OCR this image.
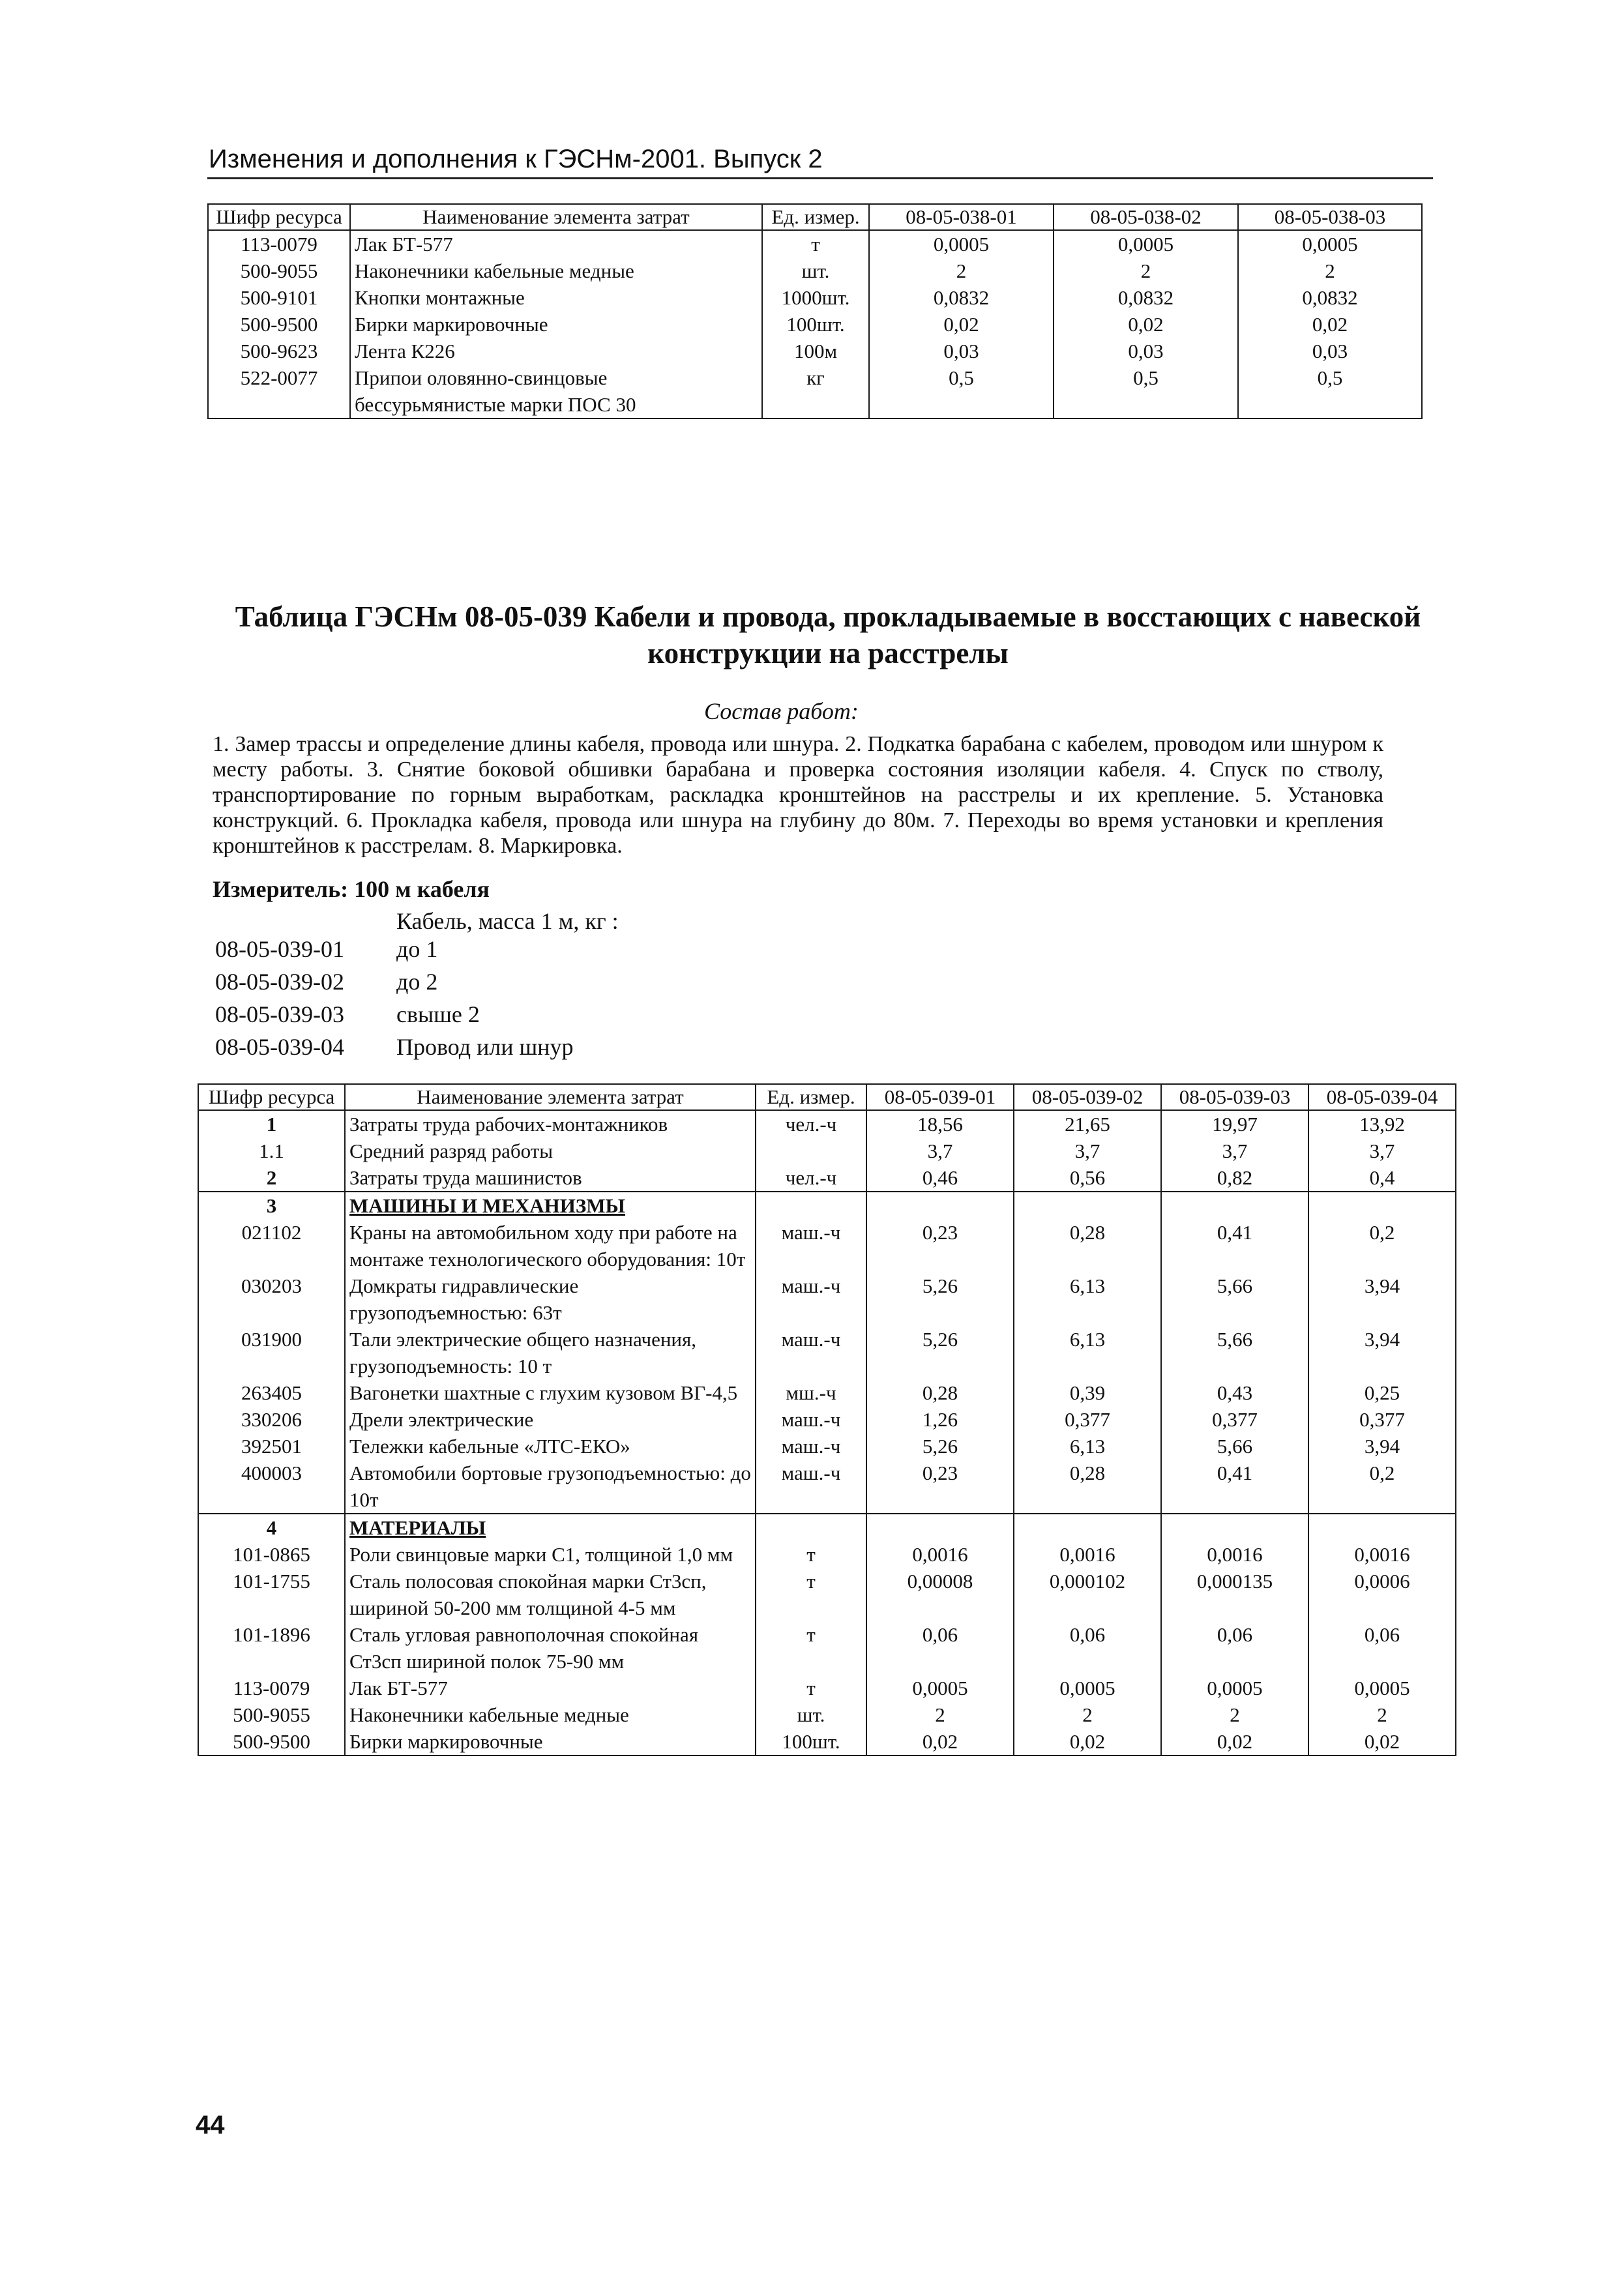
Изменения и дополнения к ГЭСНм-2001. Выпуск 2
Шифр ресурса	Наименование элемента затрат	Ед. измер.	08-05-038-01	08-05-038-02	08-05-038-03
113-0079	Лак БТ-577	т	0,0005	0,0005	0,0005
500-9055	Наконечники кабельные медные	шт.	2	2	2
500-9101	Кнопки монтажные	1000шт.	0,0832	0,0832	0,0832
500-9500	Бирки маркировочные	100шт.	0,02	0,02	0,02
500-9623	Лента К226	100м	0,03	0,03	0,03
522-0077	Припои оловянно-свинцовые бессурьмянистые марки ПОС 30	кг	0,5	0,5	0,5
Таблица ГЭСНм 08-05-039 Кабели и провода, прокладываемые в восстающих с навеской конструкции на расстрелы
Состав работ:
1. Замер трассы и определение длины кабеля, провода или шнура. 2. Подкатка барабана с кабелем, проводом или шнуром к месту работы. 3. Снятие боковой обшивки барабана и проверка состояния изоляции кабеля. 4. Спуск по стволу, транспортирование по горным выработкам, раскладка кронштейнов на расстрелы и их крепление. 5. Установка конструкций. 6. Прокладка кабеля, провода или шнура на глубину до 80м. 7. Переходы во время установки и крепления кронштейнов к расстрелам. 8. Маркировка.
Измеритель: 100 м кабеля
Кабель, масса 1 м, кг :
08-05-039-01 до 1
08-05-039-02 до 2
08-05-039-03 свыше 2
08-05-039-04 Провод или шнур
Шифр ресурса	Наименование элемента затрат	Ед. измер.	08-05-039-01	08-05-039-02	08-05-039-03	08-05-039-04
1	Затраты труда рабочих-монтажников	чел.-ч	18,56	21,65	19,97	13,92
1.1	Средний разряд работы		3,7	3,7	3,7	3,7
2	Затраты труда машинистов	чел.-ч	0,46	0,56	0,82	0,4
3	МАШИНЫ И МЕХАНИЗМЫ					
021102	Краны на автомобильном ходу при работе на монтаже технологического оборудования: 10т	маш.-ч	0,23	0,28	0,41	0,2
030203	Домкраты гидравлические грузоподъемностью: 63т	маш.-ч	5,26	6,13	5,66	3,94
031900	Тали электрические общего назначения, грузоподъемность: 10 т	маш.-ч	5,26	6,13	5,66	3,94
263405	Вагонетки шахтные с глухим кузовом ВГ-4,5	мш.-ч	0,28	0,39	0,43	0,25
330206	Дрели электрические	маш.-ч	1,26	0,377	0,377	0,377
392501	Тележки кабельные «ЛТС-ЕКО»	маш.-ч	5,26	6,13	5,66	3,94
400003	Автомобили бортовые грузоподъемностью: до 10т	маш.-ч	0,23	0,28	0,41	0,2
4	МАТЕРИАЛЫ					
101-0865	Роли свинцовые марки С1, толщиной 1,0 мм	т	0,0016	0,0016	0,0016	0,0016
101-1755	Сталь полосовая спокойная марки Ст3сп, шириной 50-200 мм толщиной 4-5 мм	т	0,00008	0,000102	0,000135	0,0006
101-1896	Сталь угловая равнополочная спокойная Ст3сп шириной полок 75-90 мм	т	0,06	0,06	0,06	0,06
113-0079	Лак БТ-577	т	0,0005	0,0005	0,0005	0,0005
500-9055	Наконечники кабельные медные	шт.	2	2	2	2
500-9500	Бирки маркировочные	100шт.	0,02	0,02	0,02	0,02
44
